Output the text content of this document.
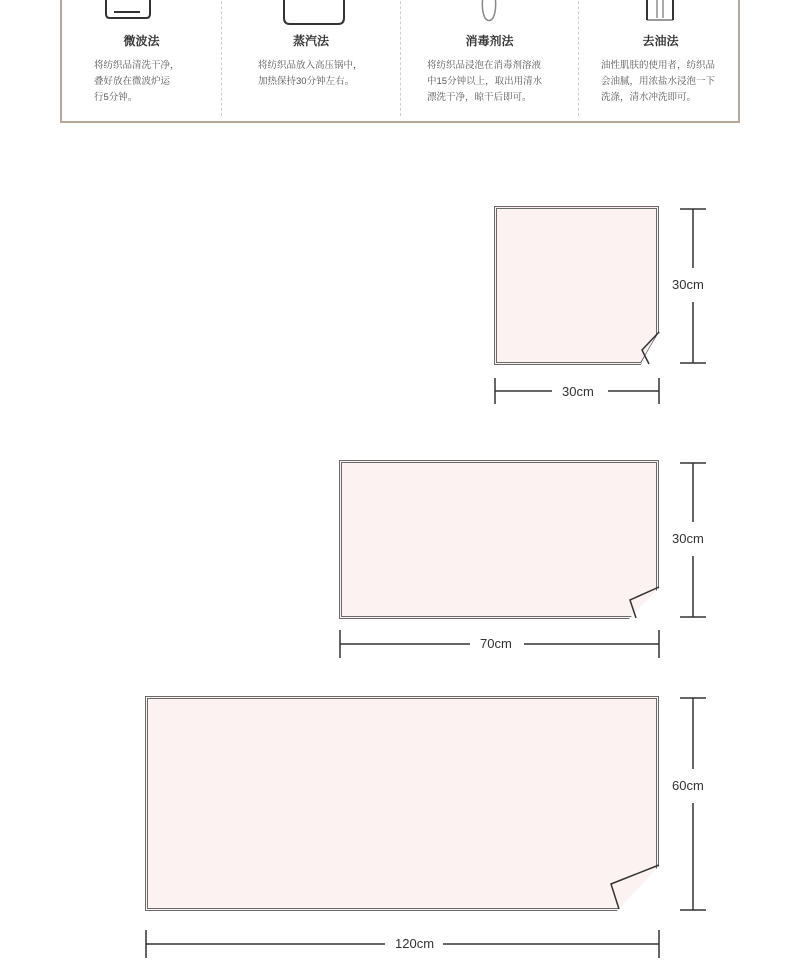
微波法
将纺织品清洗干净，
叠好放在微波炉运
行5分钟。
蒸汽法
将纺织品放入高压锅中，
加热保持30分钟左右。
消毒剂法
将纺织品浸泡在消毒剂溶液
中15分钟以上，取出用清水
漂洗干净，晾干后即可。
去油法
油性肌肤的使用者，纺织品
会油腻，用浓盐水浸泡一下
洗涤，清水冲洗即可。
30cm
30cm
30cm
70cm
60cm
120cm
